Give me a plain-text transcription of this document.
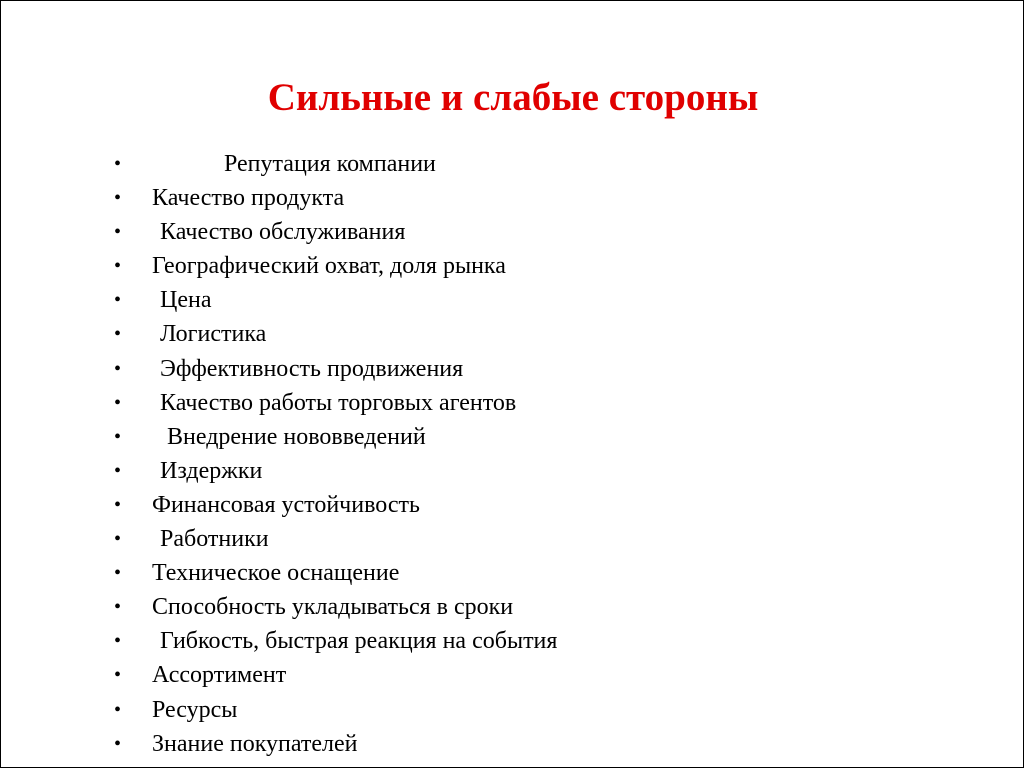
Сильные и слабые стороны
•	Репутация компании
• Качество продукта
• Качество обслуживания
• Географический охват, доля рынка
• Цена
• Логистика
• Эффективность продвижения
• Качество работы торговых агентов
• Внедрение нововведений
• Издержки
• Финансовая устойчивость
• Работники
• Техническое оснащение
• Способность укладываться в сроки
• Гибкость, быстрая реакция на события
• Ассортимент
• Ресурсы
• Знание покупателей
